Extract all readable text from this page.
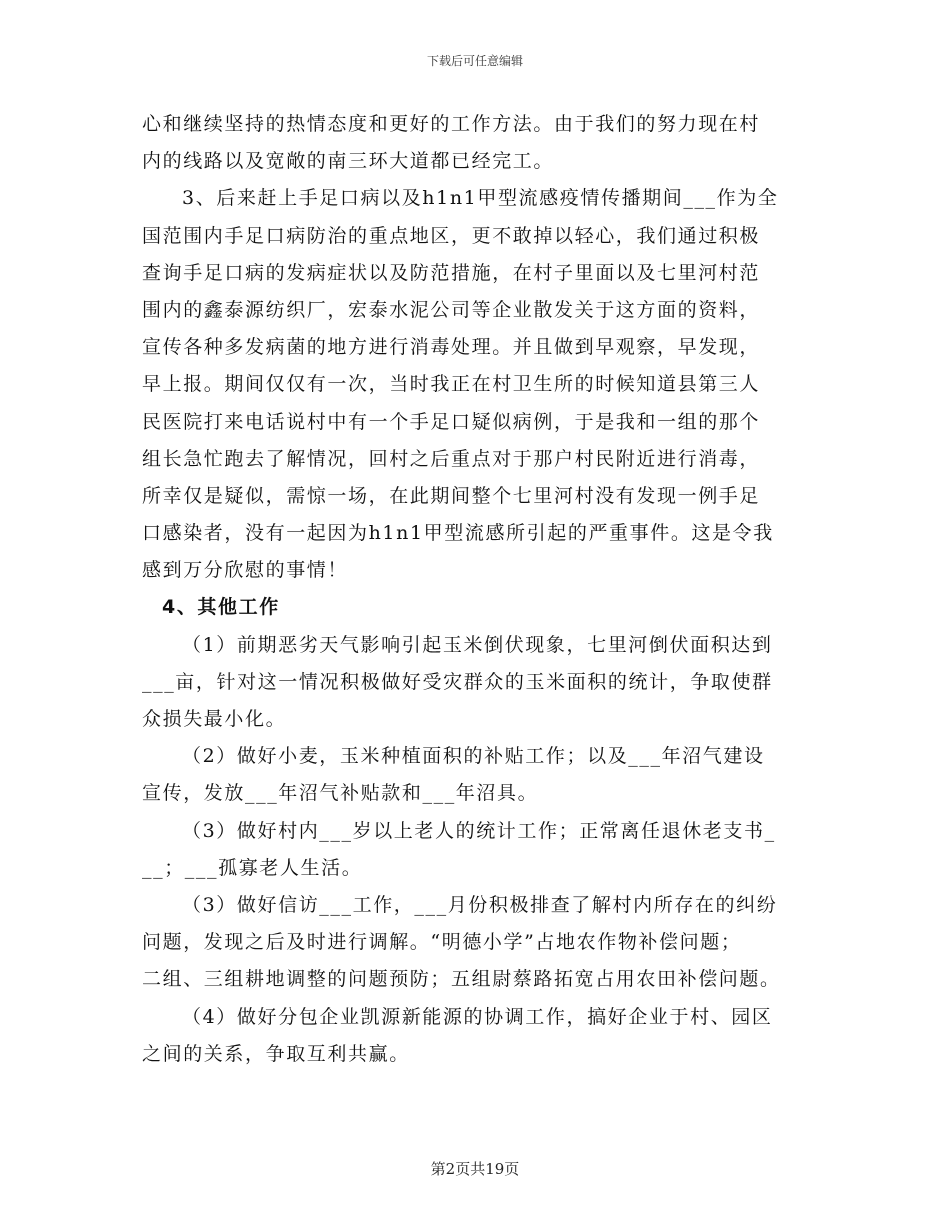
下载后可任意编辑
心和继续坚持的热情态度和更好的工作方法。由于我们的努力现在村
内的线路以及宽敞的南三环大道都已经完工。
3、后来赶上手足口病以及h1n1甲型流感疫情传播期间___作为全
国范围内手足口病防治的重点地区，更不敢掉以轻心，我们通过积极
查询手足口病的发病症状以及防范措施，在村子里面以及七里河村范
围内的鑫泰源纺织厂，宏泰水泥公司等企业散发关于这方面的资料，
宣传各种多发病菌的地方进行消毒处理。并且做到早观察，早发现，
早上报。期间仅仅有一次，当时我正在村卫生所的时候知道县第三人
民医院打来电话说村中有一个手足口疑似病例，于是我和一组的那个
组长急忙跑去了解情况，回村之后重点对于那户村民附近进行消毒，
所幸仅是疑似，需惊一场，在此期间整个七里河村没有发现一例手足
口感染者，没有一起因为h1n1甲型流感所引起的严重事件。这是令我
感到万分欣慰的事情！
4、其他工作
（1）前期恶劣天气影响引起玉米倒伏现象，七里河倒伏面积达到
___亩，针对这一情况积极做好受灾群众的玉米面积的统计，争取使群
众损失最小化。
（2）做好小麦，玉米种植面积的补贴工作；以及___年沼气建设
宣传，发放___年沼气补贴款和___年沼具。
（3）做好村内___岁以上老人的统计工作；正常离任退休老支书_
__；___孤寡老人生活。
（3）做好信访___工作，___月份积极排查了解村内所存在的纠纷
问题，发现之后及时进行调解。“明德小学”占地农作物补偿问题；
二组、三组耕地调整的问题预防；五组尉蔡路拓宽占用农田补偿问题。
（4）做好分包企业凯源新能源的协调工作，搞好企业于村、园区
之间的关系，争取互利共赢。
第2页共19页
